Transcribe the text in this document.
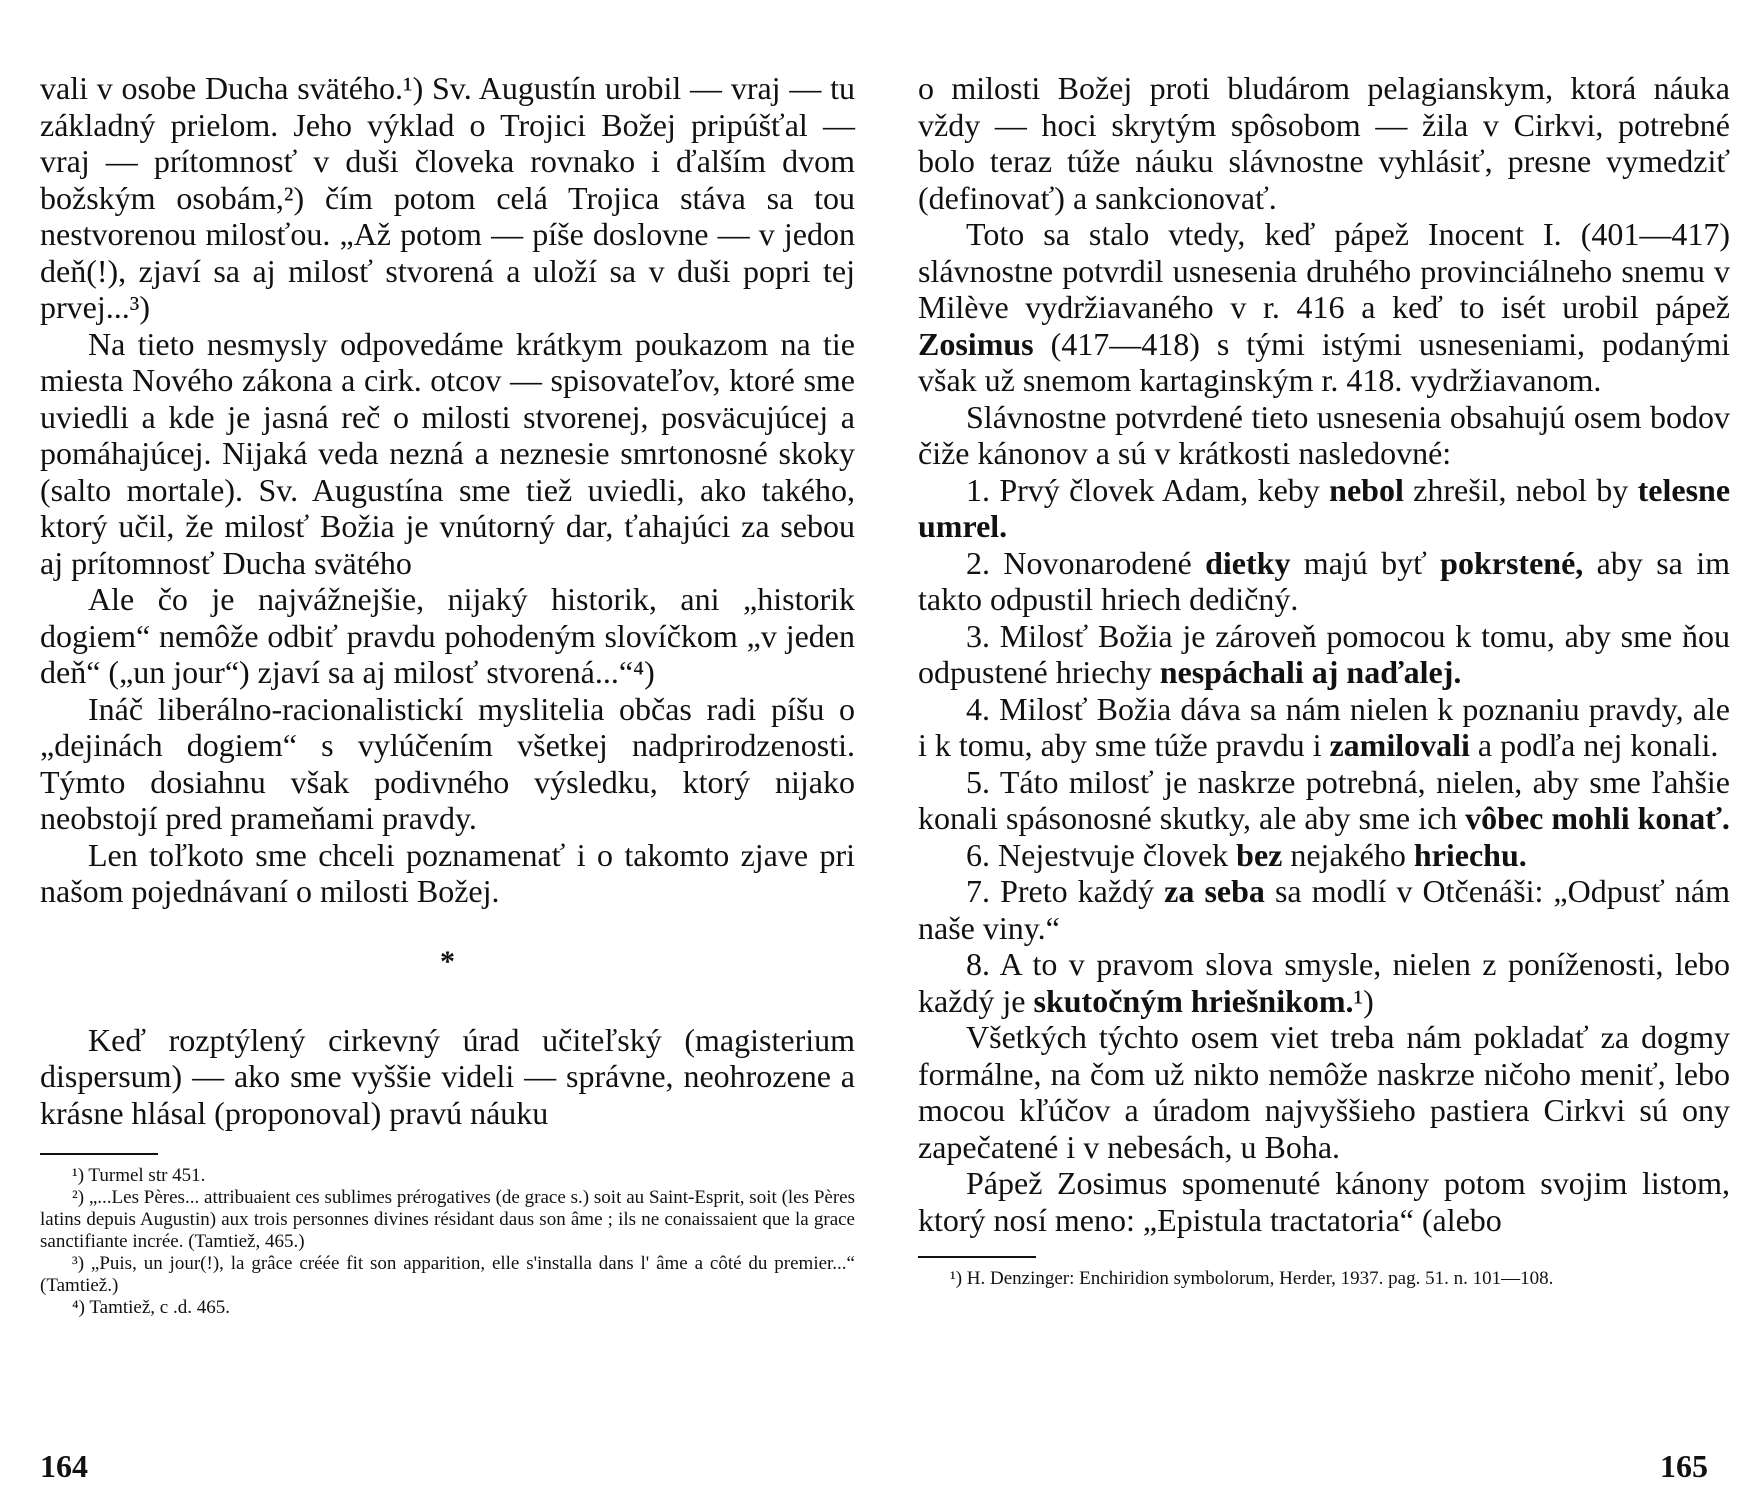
vali v osobe Ducha svätého.¹) Sv. Augustín urobil — vraj — tu základný prielom. Jeho výklad o Trojici Božej pripúšťal — vraj — prítomnosť v duši človeka rovnako i ďalším dvom božským osobám,²) čím potom celá Trojica stáva sa tou nestvorenou milosťou. „Až potom — píše doslovne — v jedon deň(!), zjaví sa aj milosť stvorená a uloží sa v duši popri tej prvej...³)

Na tieto nesmysly odpovedáme krátkym poukazom na tie miesta Nového zákona a cirk. otcov — spisovateľov, ktoré sme uviedli a kde je jasná reč o milosti stvorenej, posväcujúcej a pomáhajúcej. Nijaká veda nezná a neznesie smrtonosné skoky (salto mortale). Sv. Augustína sme tiež uviedli, ako takého, ktorý učil, že milosť Božia je vnútorný dar, ťahajúci za sebou aj prítomnosť Ducha svätého

Ale čo je najvážnejšie, nijaký historik, ani „historik dogiem“ nemôže odbiť pravdu pohodeným slovíčkom „v jeden deň“ („un jour“) zjaví sa aj milosť stvorená...“⁴)

Ináč liberálno-racionalistickí myslitelia občas radi píšu o „dejinách dogiem“ s vylúčením všetkej nadprirodzenosti. Týmto dosiahnu však podivného výsledku, ktorý nijako neobstojí pred prameňami pravdy.

Len toľkoto sme chceli poznamenať i o takomto zjave pri našom pojednávaní o milosti Božej.

*

Keď rozptýlený cirkevný úrad učiteľský (magisterium dispersum) — ako sme vyššie videli — správne, neohrozene a krásne hlásal (proponoval) pravú náuku

¹) Turmel str 451.

²) „...Les Pères... attribuaient ces sublimes prérogatives (de grace s.) soit au Saint-Esprit, soit (les Pères latins depuis Augustin) aux trois personnes divines résidant daus son âme ; ils ne conaissaient que la grace sanctifiante incrée. (Tamtiež, 465.)

³) „Puis, un jour(!), la grâce créée fit son apparition, elle s'installa dans l' âme a côté du premier...“ (Tamtiež.)

⁴) Tamtiež, c .d. 465.

164

o milosti Božej proti bludárom pelagianskym, ktorá náuka vždy — hoci skrytým spôsobom — žila v Cirkvi, potrebné bolo teraz túže náuku slávnostne vyhlásiť, presne vymedziť (definovať) a sankcionovať.

Toto sa stalo vtedy, keď pápež Inocent I. (401—417) slávnostne potvrdil usnesenia druhého provinciálneho snemu v Milève vydržiavaného v r. 416 a keď to isét urobil pápež Zosimus (417—418) s tými istými usneseniami, podanými však už snemom kartaginským r. 418. vydržiavanom.

Slávnostne potvrdené tieto usnesenia obsahujú osem bodov čiže kánonov a sú v krátkosti nasledovné:

1. Prvý človek Adam, keby nebol zhrešil, nebol by telesne umrel.

2. Novonarodené dietky majú byť pokrstené, aby sa im takto odpustil hriech dedičný.

3. Milosť Božia je zároveň pomocou k tomu, aby sme ňou odpustené hriechy nespáchali aj naďalej.

4. Milosť Božia dáva sa nám nielen k poznaniu pravdy, ale i k tomu, aby sme túže pravdu i zamilovali a podľa nej konali.

5. Táto milosť je naskrze potrebná, nielen, aby sme ľahšie konali spásonosné skutky, ale aby sme ich vôbec mohli konať.

6. Nejestvuje človek bez nejakého hriechu.

7. Preto každý za seba sa modlí v Otčenáši: „Odpusť nám naše viny.“

8. A to v pravom slova smysle, nielen z poníženosti, lebo každý je skutočným hriešnikom.¹)

Všetkých týchto osem viet treba nám pokladať za dogmy formálne, na čom už nikto nemôže naskrze ničoho meniť, lebo mocou kľúčov a úradom najvyššieho pastiera Cirkvi sú ony zapečatené i v nebesách, u Boha.

Pápež Zosimus spomenuté kánony potom svojim listom, ktorý nosí meno: „Epistula tractatoria“ (alebo

¹) H. Denzinger: Enchiridion symbolorum, Herder, 1937. pag. 51. n. 101—108.

165
